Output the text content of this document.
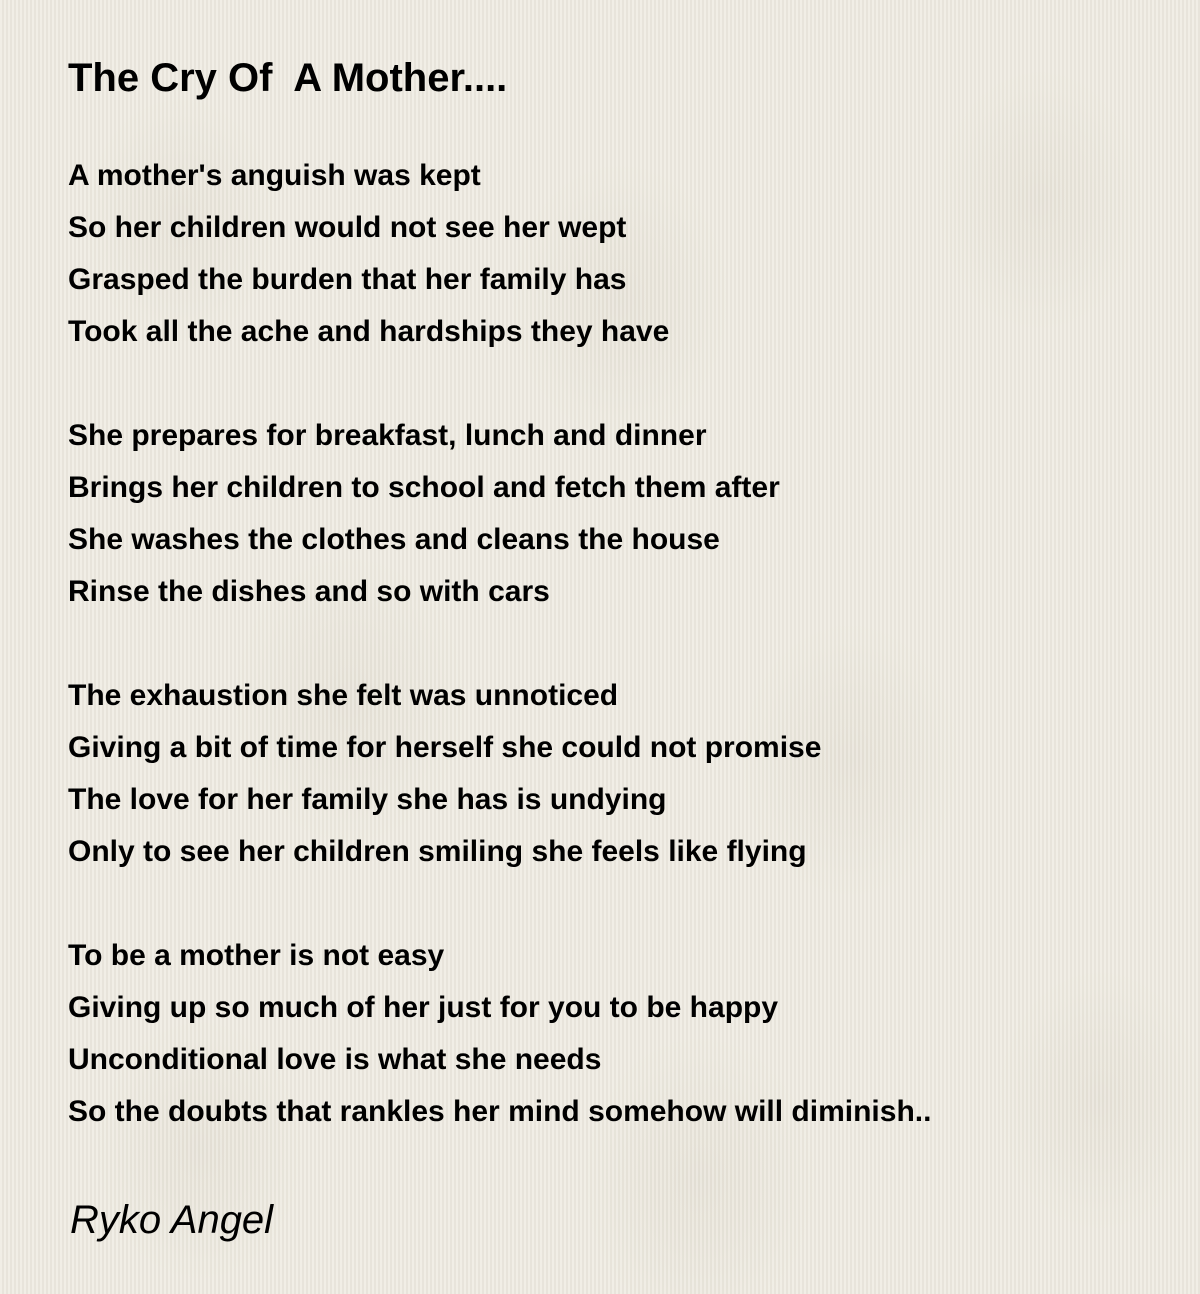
The Cry Of  A Mother....
A mother's anguish was kept
So her children would not see her wept
Grasped the burden that her family has
Took all the ache and hardships they have
She prepares for breakfast, lunch and dinner
Brings her children to school and fetch them after
She washes the clothes and cleans the house
Rinse the dishes and so with cars
The exhaustion she felt was unnoticed
Giving a bit of time for herself she could not promise
The love for her family she has is undying
Only to see her children smiling she feels like flying
To be a mother is not easy
Giving up so much of her just for you to be happy
Unconditional love is what she needs
So the doubts that rankles her mind somehow will diminish..

Ryko Angel
